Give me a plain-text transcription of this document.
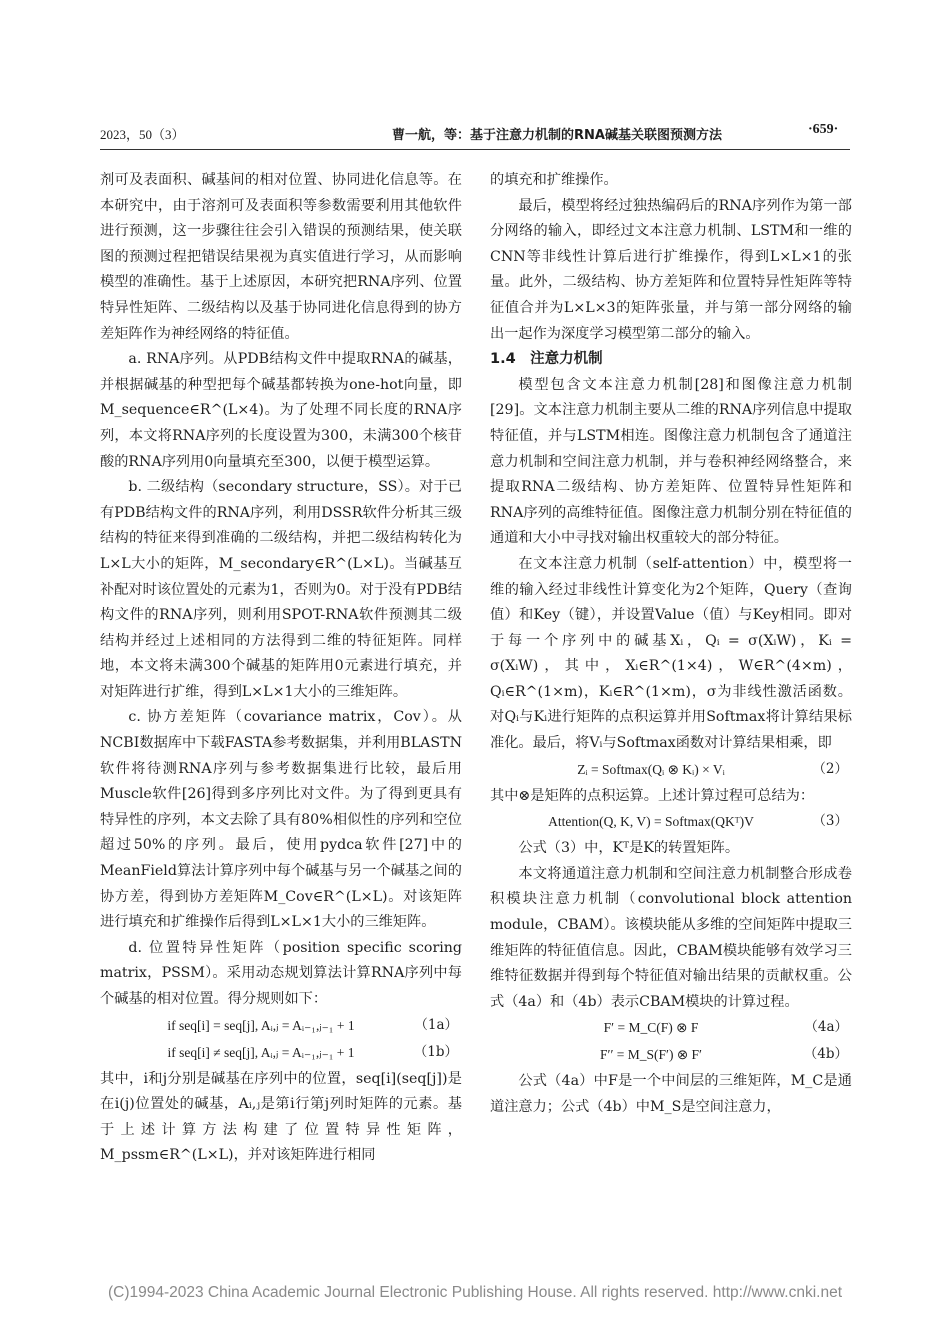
2023，50（3）	曹一航，等：基于注意力机制的RNA碱基关联图预测方法	·659·

剂可及表面积、碱基间的相对位置、协同进化信息等。在本研究中，由于溶剂可及表面积等参数需要利用其他软件进行预测，这一步骤往往会引入错误的预测结果，使关联图的预测过程把错误结果视为真实值进行学习，从而影响模型的准确性。基于上述原因，本研究把RNA序列、位置特异性矩阵、二级结构以及基于协同进化信息得到的协方差矩阵作为神经网络的特征值。

a. RNA序列。从PDB结构文件中提取RNA的碱基，并根据碱基的种型把每个碱基都转换为one-hot向量，即M_sequence∈R^(L×4)。为了处理不同长度的RNA序列，本文将RNA序列的长度设置为300，未满300个核苷酸的RNA序列用0向量填充至300，以便于模型运算。

b. 二级结构（secondary structure，SS）。对于已有PDB结构文件的RNA序列，利用DSSR软件分析其三级结构的特征来得到准确的二级结构，并把二级结构转化为L×L大小的矩阵，M_secondary∈R^(L×L)。当碱基互补配对时该位置处的元素为1，否则为0。对于没有PDB结构文件的RNA序列，则利用SPOT-RNA软件预测其二级结构并经过上述相同的方法得到二维的特征矩阵。同样地，本文将未满300个碱基的矩阵用0元素进行填充，并对矩阵进行扩维，得到L×L×1大小的三维矩阵。

c. 协方差矩阵（covariance matrix，Cov）。从NCBI数据库中下载FASTA参考数据集，并利用BLASTN软件将待测RNA序列与参考数据集进行比较，最后用Muscle软件[26]得到多序列比对文件。为了得到更具有特异性的序列，本文去除了具有80%相似性的序列和空位超过50%的序列。最后，使用pydca软件[27]中的MeanField算法计算序列中每个碱基与另一个碱基之间的协方差，得到协方差矩阵M_Cov∈R^(L×L)。对该矩阵进行填充和扩维操作后得到L×L×1大小的三维矩阵。

d. 位置特异性矩阵（position specific scoring matrix，PSSM）。采用动态规划算法计算RNA序列中每个碱基的相对位置。得分规则如下：

if seq[i] = seq[j], Aᵢ,ⱼ = Aᵢ₋₁,ⱼ₋₁ + 1	（1a）
if seq[i] ≠ seq[j], Aᵢ,ⱼ = Aᵢ₋₁,ⱼ₋₁ + 1	（1b）

其中，i和j分别是碱基在序列中的位置，seq[i](seq[j])是在i(j)位置处的碱基，Aᵢ,ⱼ是第i行第j列时矩阵的元素。基于上述计算方法构建了位置特异性矩阵，M_pssm∈R^(L×L)，并对该矩阵进行相同

的填充和扩维操作。

最后，模型将经过独热编码后的RNA序列作为第一部分网络的输入，即经过文本注意力机制、LSTM和一维的CNN等非线性计算后进行扩维操作，得到L×L×1的张量。此外，二级结构、协方差矩阵和位置特异性矩阵等特征值合并为L×L×3的矩阵张量，并与第一部分网络的输出一起作为深度学习模型第二部分的输入。

1.4　注意力机制

模型包含文本注意力机制[28]和图像注意力机制[29]。文本注意力机制主要从二维的RNA序列信息中提取特征值，并与LSTM相连。图像注意力机制包含了通道注意力机制和空间注意力机制，并与卷积神经网络整合，来提取RNA二级结构、协方差矩阵、位置特异性矩阵和RNA序列的高维特征值。图像注意力机制分别在特征值的通道和大小中寻找对输出权重较大的部分特征。

在文本注意力机制（self-attention）中，模型将一维的输入经过非线性计算变化为2个矩阵，Query（查询值）和Key（键），并设置Value（值）与Key相同。即对于每一个序列中的碱基Xᵢ，Qᵢ = σ(XᵢW)，Kᵢ = σ(XᵢW)，其中，Xᵢ∈R^(1×4)，W∈R^(4×m)，Qᵢ∈R^(1×m)，Kᵢ∈R^(1×m)，σ为非线性激活函数。对Qᵢ与Kᵢ进行矩阵的点积运算并用Softmax将计算结果标准化。最后，将Vᵢ与Softmax函数对计算结果相乘，即

Zᵢ = Softmax(Qᵢ ⊗ Kᵢ) × Vᵢ	（2）

其中⊗是矩阵的点积运算。上述计算过程可总结为：

Attention(Q, K, V) = Softmax(QKᵀ)V	（3）

公式（3）中，Kᵀ是K的转置矩阵。

本文将通道注意力机制和空间注意力机制整合形成卷积模块注意力机制（convolutional block attention module，CBAM）。该模块能从多维的空间矩阵中提取三维矩阵的特征值信息。因此，CBAM模块能够有效学习三维特征数据并得到每个特征值对输出结果的贡献权重。公式（4a）和（4b）表示CBAM模块的计算过程。

F′ = M_C(F) ⊗ F	（4a）
F′′ = M_S(F′) ⊗ F′	（4b）

公式（4a）中F是一个中间层的三维矩阵，M_C是通道注意力；公式（4b）中M_S是空间注意力，

(C)1994-2023 China Academic Journal Electronic Publishing House. All rights reserved. http://www.cnki.net
